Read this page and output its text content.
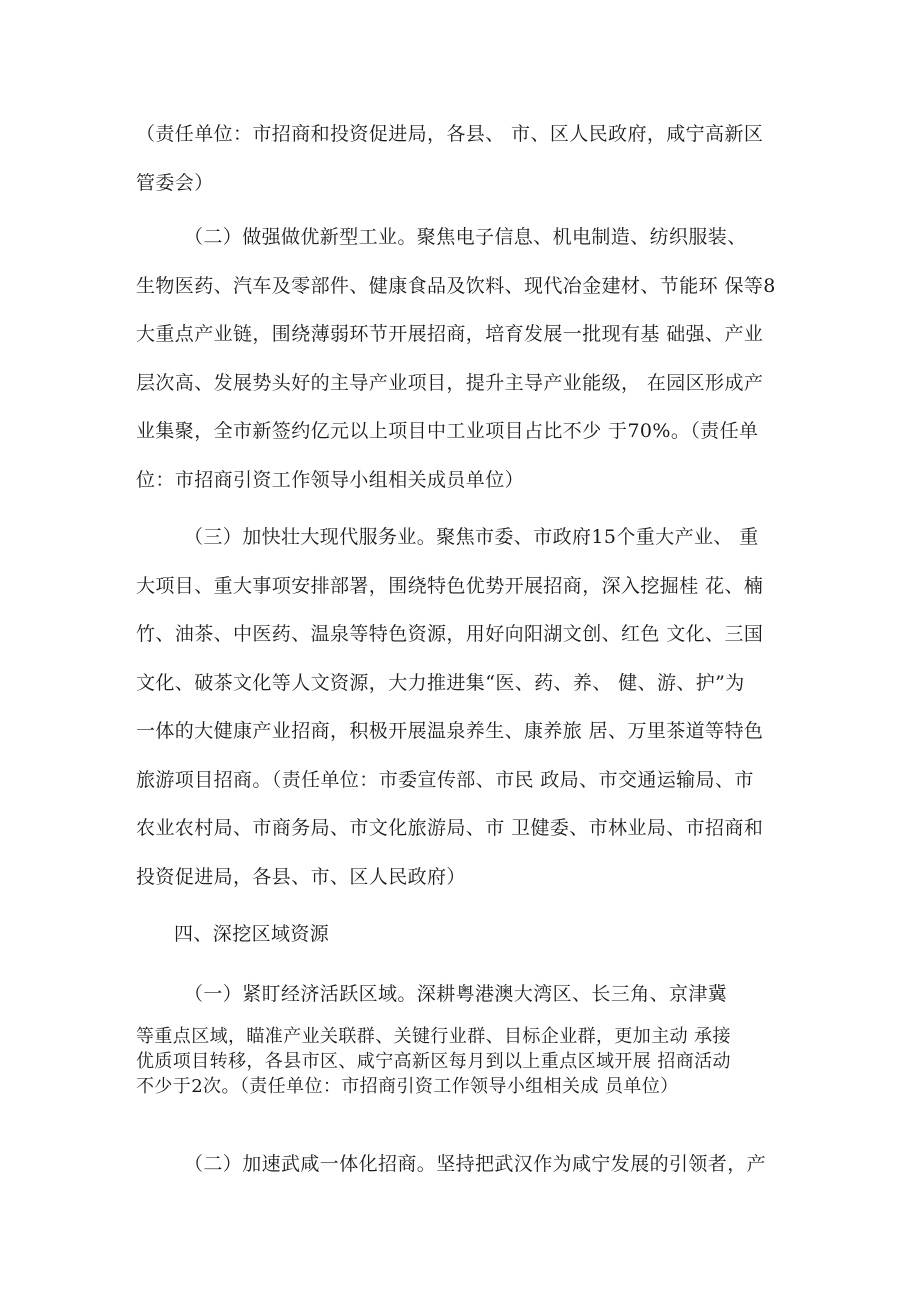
（责任单位：市招商和投资促进局，各县、 市、区人民政府，咸宁高新区
管委会）
（二）做强做优新型工业。聚焦电子信息、机电制造、纺织服装、
生物医药、汽车及零部件、健康食品及饮料、现代冶金建材、节能环 保等8
大重点产业链，围绕薄弱环节开展招商，培育发展一批现有基 础强、产业
层次高、发展势头好的主导产业项目，提升主导产业能级， 在园区形成产
业集聚，全市新签约亿元以上项目中工业项目占比不少 于70%。（责任单
位：市招商引资工作领导小组相关成员单位）
（三）加快壮大现代服务业。聚焦市委、市政府15个重大产业、 重
大项目、重大事项安排部署，围绕特色优势开展招商，深入挖掘桂 花、楠
竹、油茶、中医药、温泉等特色资源，用好向阳湖文创、红色 文化、三国
文化、破茶文化等人文资源，大力推进集“医、药、养、 健、游、护”为
一体的大健康产业招商，积极开展温泉养生、康养旅 居、万里茶道等特色
旅游项目招商。（责任单位：市委宣传部、市民 政局、市交通运输局、市
农业农村局、市商务局、市文化旅游局、市 卫健委、市林业局、市招商和
投资促进局，各县、市、区人民政府）
四、深挖区域资源
（一）紧盯经济活跃区域。深耕粤港澳大湾区、长三角、京津冀
等重点区域，瞄准产业关联群、关键行业群、目标企业群，更加主动 承接
优质项目转移，各县市区、咸宁高新区每月到以上重点区域开展 招商活动
不少于2次。（责任单位：市招商引资工作领导小组相关成 员单位）
（二）加速武咸一体化招商。坚持把武汉作为咸宁发展的引领者，产
